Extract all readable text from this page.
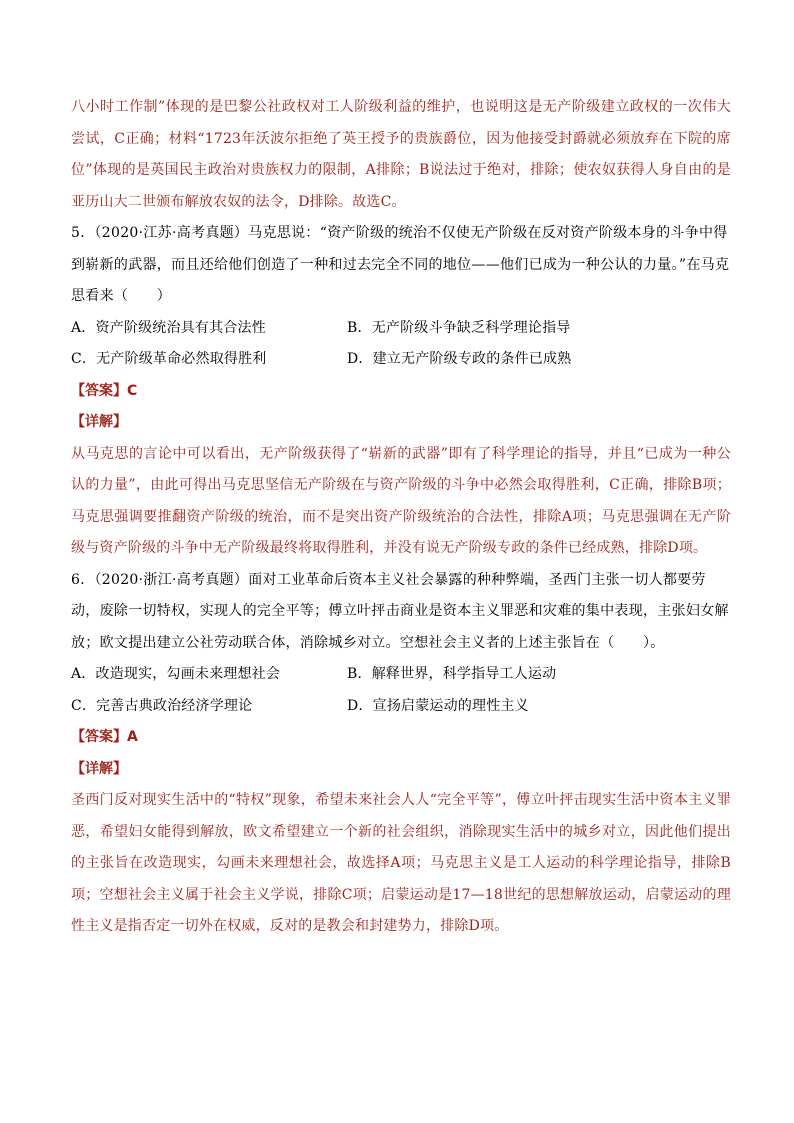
八小时工作制”体现的是巴黎公社政权对工人阶级利益的维护，也说明这是无产阶级建立政权的一次伟大尝试，C正确；材料“1723年沃波尔拒绝了英王授予的贵族爵位，因为他接受封爵就必须放弃在下院的席位”体现的是英国民主政治对贵族权力的限制，A排除；B说法过于绝对，排除；使农奴获得人身自由的是亚历山大二世颁布解放农奴的法令，D排除。故选C。

5．（2020·江苏·高考真题）马克思说：“资产阶级的统治不仅使无产阶级在反对资产阶级本身的斗争中得到崭新的武器，而且还给他们创造了一种和过去完全不同的地位——他们已成为一种公认的力量。”在马克思看来（　　）

A．资产阶级统治具有其合法性	B．无产阶级斗争缺乏科学理论指导
C．无产阶级革命必然取得胜利	D．建立无产阶级专政的条件已成熟

【答案】C

【详解】

从马克思的言论中可以看出，无产阶级获得了“崭新的武器”即有了科学理论的指导，并且“已成为一种公认的力量”，由此可得出马克思坚信无产阶级在与资产阶级的斗争中必然会取得胜利，C正确，排除B项；马克思强调要推翻资产阶级的统治，而不是突出资产阶级统治的合法性，排除A项；马克思强调在无产阶级与资产阶级的斗争中无产阶级最终将取得胜利，并没有说无产阶级专政的条件已经成熟，排除D项。

6．（2020·浙江·高考真题）面对工业革命后资本主义社会暴露的种种弊端，圣西门主张一切人都要劳动，废除一切特权，实现人的完全平等；傅立叶抨击商业是资本主义罪恶和灾难的集中表现，主张妇女解放；欧文提出建立公社劳动联合体，消除城乡对立。空想社会主义者的上述主张旨在（　　）。

A．改造现实，勾画未来理想社会	B．解释世界，科学指导工人运动
C．完善古典政治经济学理论	D．宣扬启蒙运动的理性主义

【答案】A

【详解】

圣西门反对现实生活中的“特权”现象，希望未来社会人人“完全平等”，傅立叶抨击现实生活中资本主义罪恶，希望妇女能得到解放，欧文希望建立一个新的社会组织，消除现实生活中的城乡对立，因此他们提出的主张旨在改造现实，勾画未来理想社会，故选择A项；马克思主义是工人运动的科学理论指导，排除B项；空想社会主义属于社会主义学说，排除C项；启蒙运动是17—18世纪的思想解放运动，启蒙运动的理性主义是指否定一切外在权威，反对的是教会和封建势力，排除D项。
